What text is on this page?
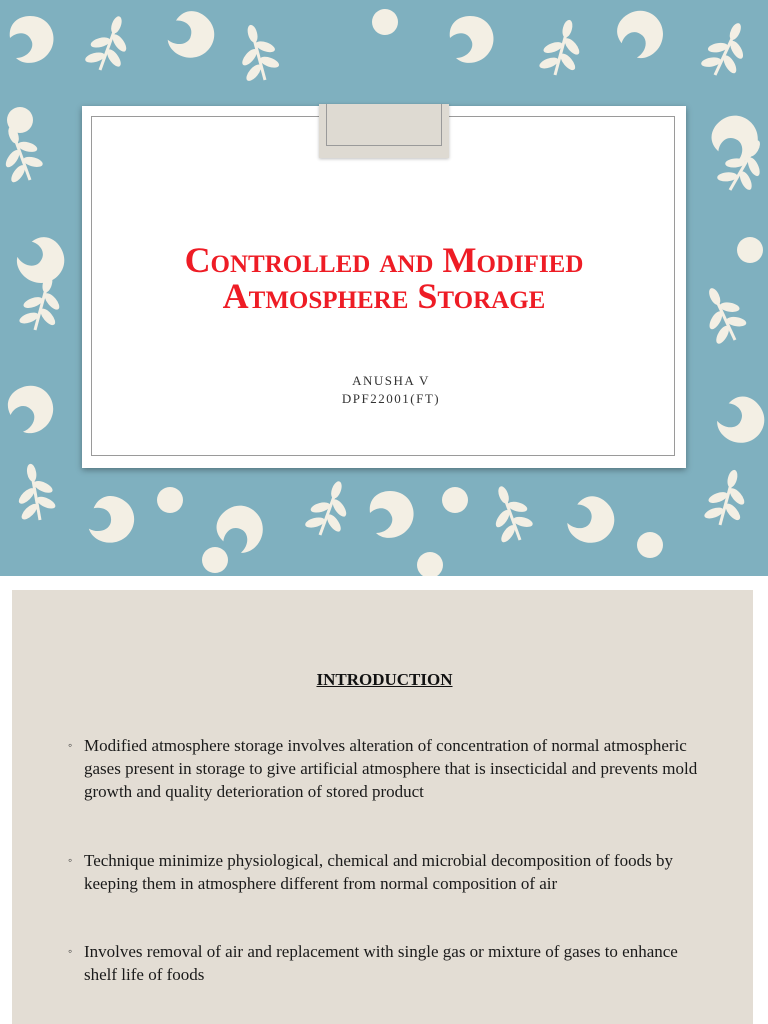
Controlled and Modified
Atmosphere Storage
ANUSHA V
DPF22001(FT)
INTRODUCTION
◦ Modified atmosphere storage involves alteration of concentration of normal atmospheric gases present in storage to give artificial atmosphere that is insecticidal and prevents mold growth and quality deterioration of stored product
◦ Technique minimize physiological, chemical and microbial decomposition of foods by keeping them in atmosphere different from normal composition of air
◦ Involves removal of air and replacement with single gas or mixture of gases to enhance shelf life of foods
